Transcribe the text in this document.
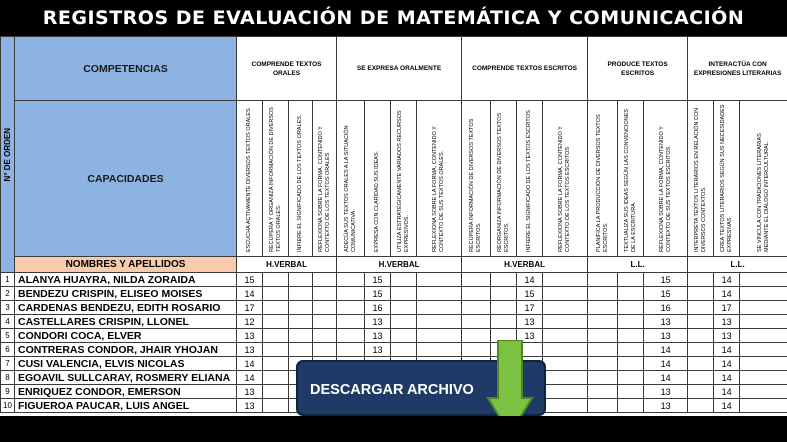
REGISTROS DE EVALUACIÓN DE MATEMÁTICA Y COMUNICACIÓN
N° DE ORDEN	COMPETENCIAS	COMPRENDE TEXTOS ORALES				SE EXPRESA ORALMENTE				COMPRENDE TEXTOS ESCRITOS				PRODUCE TEXTOS ESCRITOS			INTERACTÚA CON EXPRESIONES LITERARIAS		
	CAPACIDADES	ESCUCHA ACTIVAMENTE DIVERSOS TEXTOS ORALES.	RECUPERA Y ORGANIZA INFORMACIÓN DE DIVERSOS TEXTOS ORALES.	INFIERE EL SIGNIFICADO DE LOS TEXTOS ORALES.	REFLEXIONA SOBRE LA FORMA, CONTENIDO Y CONTEXTO DE LOS TEXTOS ORALES	ADECÚA SUS TEXTOS ORALES A LA SITUACIÓN COMUNICATIVA.	EXPRESA CON CLARIDAD SUS IDEAS.	UTILIZA ESTRATÉGICAMENTE VARIADOS RECURSOS EXPRESIVOS.	REFLEXIONA SOBRE LA FORMA, CONTENIDO Y CONTEXTO DE SUS TEXTOS ORALES.	RECUPERA INFORMACIÓN DE DIVERSOS TEXTOS ESCRITOS.	REORGANIZA INFORMACIÓN DE DIVERSOS TEXTOS ESCRITOS.	INFIERE EL SIGNIFICADO DE LOS TEXTOS ESCRITOS.	REFLEXIONA SOBRE LA FORMA, CONTENIDO Y CONTEXTO DE LOS TEXTOS ESCRITOS	PLANIFICA LA PRODUCCIÓN DE DIVERSOS TEXTOS ESCRITOS.	TEXTUALIZA SUS IDEAS SEGÚN LAS CONVENCIONES DE LA ESCRITURA.	REFLEXIONA SOBRE LA FORMA, CONTENIDO Y CONTEXTO DE SUS TEXTOS ESCRITOS.	INTERPRETA TEXTOS LITERARIOS EN RELACIÓN CON DIVERSOS CONTEXTOS.	CREA TEXTOS LITERARIOS SEGÚN SUS NECESIDADES EXPRESIVAS	SE VINCULA CON TRADICIONES LITERARIAS MEDIANTE EL DIÁLOGO INTERCULTURAL.

	NOMBRES Y APELLIDOS	H.VERBAL				H.VERBAL				H.VERBAL				L.L.			L.L.		
1	ALANYA HUAYRA, NILDA ZORAIDA	15					15					14				15		14	
2	BENDEZU CRISPIN, ELISEO MOISES	14					15					15				15		14	
3	CARDENAS BENDEZU, EDITH ROSARIO	17					16					17				16		17	
4	CASTELLARES CRISPIN, LLONEL	12					13					13				13		13	
5	CONDORI COCA, ELVER	13					13					13				13		13	
6	CONTRERAS CONDOR, JHAIR YHOJAN	13					13									14		14	
7	CUSI VALENCIA, ELVIS NICOLAS	14														14		14	
8	EGOAVIL SULLCARAY, ROSMERY ELIANA	14														14		14	
9	ENRIQUEZ CONDOR, EMERSON	13														13		14	
10	FIGUEROA PAUCAR, LUIS ANGEL	13														13		14	
DESCARGAR ARCHIVO
